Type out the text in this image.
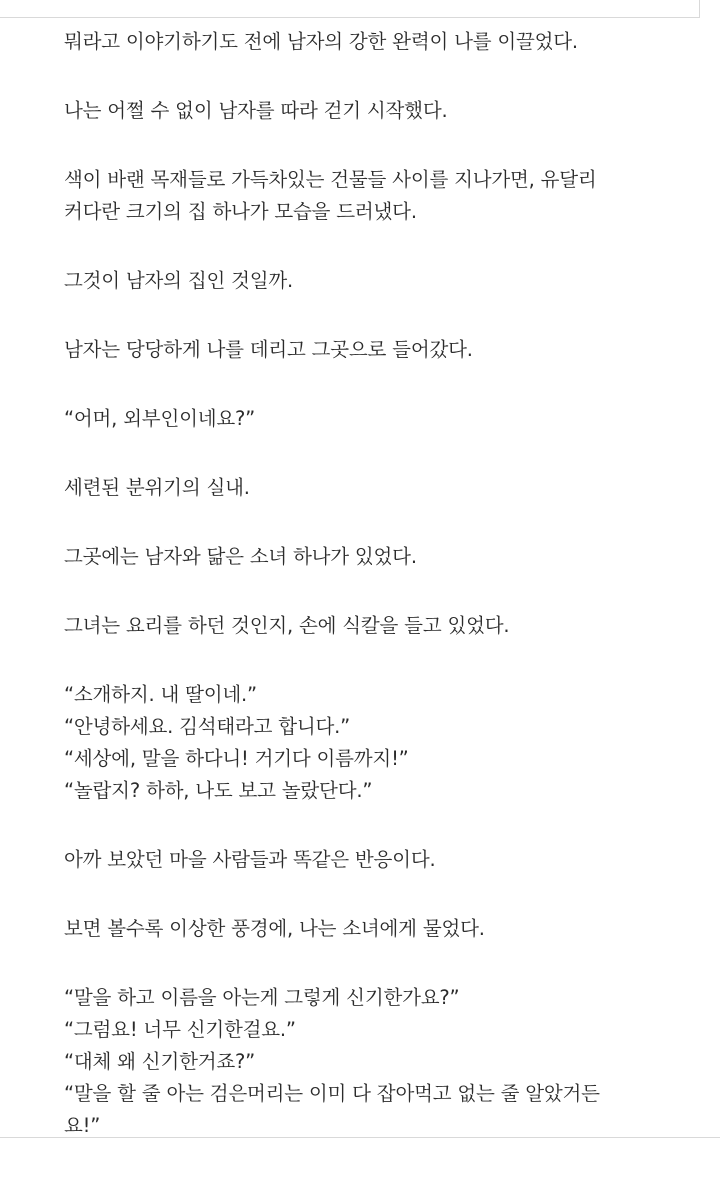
뭐라고 이야기하기도 전에 남자의 강한 완력이 나를 이끌었다.

나는 어쩔 수 없이 남자를 따라 걷기 시작했다.

색이 바랜 목재들로 가득차있는 건물들 사이를 지나가면, 유달리
커다란 크기의 집 하나가 모습을 드러냈다.

그것이 남자의 집인 것일까.

남자는 당당하게 나를 데리고 그곳으로 들어갔다.

“어머, 외부인이네요?”

세련된 분위기의 실내.

그곳에는 남자와 닮은 소녀 하나가 있었다.

그녀는 요리를 하던 것인지, 손에 식칼을 들고 있었다.

“소개하지. 내 딸이네.”
“안녕하세요. 김석태라고 합니다.”
“세상에, 말을 하다니! 거기다 이름까지!”
“놀랍지? 하하, 나도 보고 놀랐단다.”

아까 보았던 마을 사람들과 똑같은 반응이다.

보면 볼수록 이상한 풍경에, 나는 소녀에게 물었다.

“말을 하고 이름을 아는게 그렇게 신기한가요?”
“그럼요! 너무 신기한걸요.”
“대체 왜 신기한거죠?”
“말을 할 줄 아는 검은머리는 이미 다 잡아먹고 없는 줄 알았거든
요!”
